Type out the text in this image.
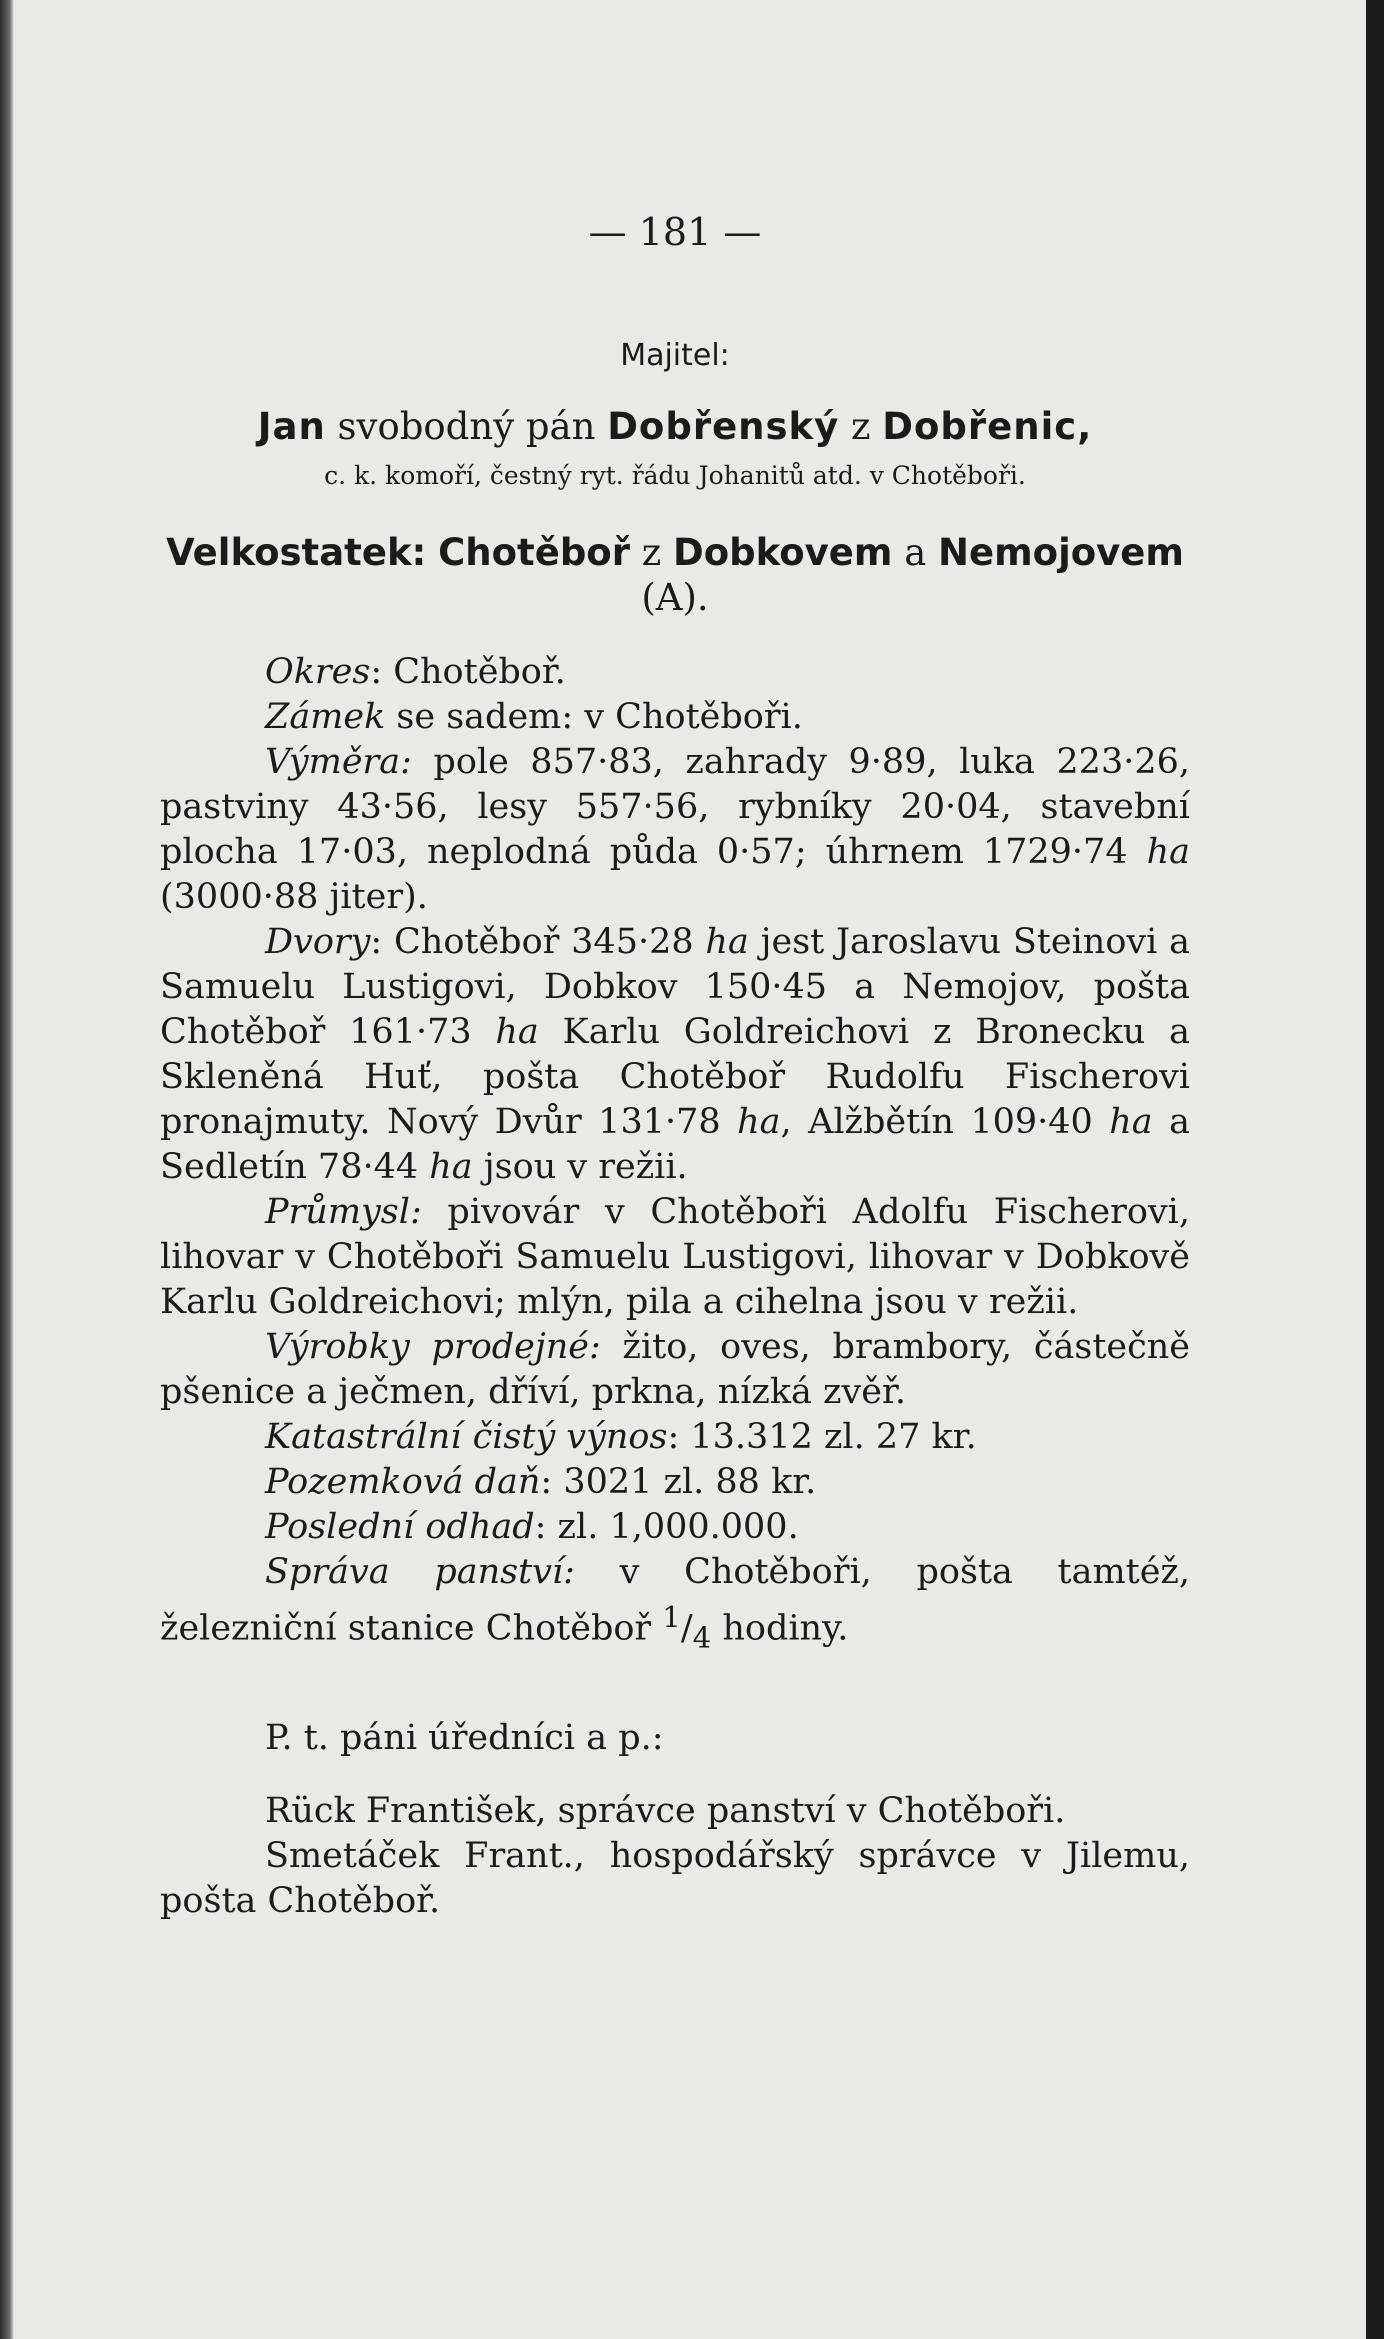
— 181 —
Majitel:
Jan svobodný pán Dobřenský z Dobřenic,
c. k. komoří, čestný ryt. řádu Johanitů atd. v Chotěboři.
Velkostatek: Chotěboř z Dobkovem a Nemojovem (A).

Okres: Chotěboř.

Zámek se sadem: v Chotěboři.

Výměra: pole 857·83, zahrady 9·89, luka 223·26, pastviny 43·56, lesy 557·56, rybníky 20·04, stavební plocha 17·03, neplodná půda 0·57; úhrnem 1729·74 ha (3000·88 jiter).

Dvory: Chotěboř 345·28 ha jest Jaroslavu Steinovi a Samuelu Lustigovi, Dobkov 150·45 a Nemojov, pošta Chotěboř 161·73 ha Karlu Goldreichovi z Bronecku a Skleněná Huť, pošta Chotěboř Rudolfu Fischerovi pronajmuty. Nový Dvůr 131·78 ha, Alžbětín 109·40 ha a Sedletín 78·44 ha jsou v režii.

Průmysl: pivovár v Chotěboři Adolfu Fischerovi, lihovar v Chotěboři Samuelu Lustigovi, lihovar v Dobkově Karlu Goldreichovi; mlýn, pila a cihelna jsou v režii.

Výrobky prodejné: žito, oves, brambory, částečně pšenice a ječmen, dříví, prkna, nízká zvěř.

Katastrální čistý výnos: 13.312 zl. 27 kr.

Pozemková daň: 3021 zl. 88 kr.

Poslední odhad: zl. 1,000.000.

Správa panství: v Chotěboři, pošta tamtéž, železniční stanice Chotěboř $^1/_4$ hodiny.

P. t. páni úředníci a p.:

Rück František, správce panství v Chotěboři.

Smetáček Frant., hospodářský správce v Jilemu, pošta Chotěboř.
